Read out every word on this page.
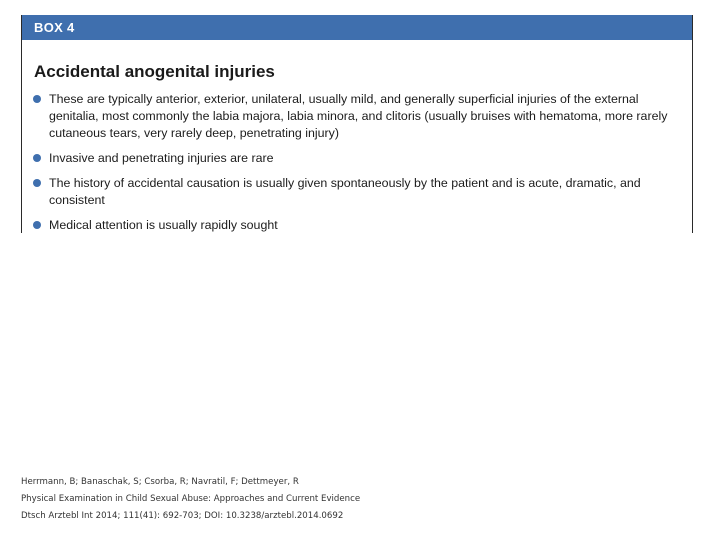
BOX 4
Accidental anogenital injuries
These are typically anterior, exterior, unilateral, usually mild, and generally superficial injuries of the external genitalia, most commonly the labia majora, labia minora, and clitoris (usually bruises with hematoma, more rarely cutaneous tears, very rarely deep, penetrating injury)
Invasive and penetrating injuries are rare
The history of accidental causation is usually given spontaneously by the patient and is acute, dramatic, and consistent
Medical attention is usually rapidly sought
Herrmann, B; Banaschak, S; Csorba, R; Navratil, F; Dettmeyer, R
Physical Examination in Child Sexual Abuse: Approaches and Current Evidence
Dtsch Arztebl Int 2014; 111(41): 692-703; DOI: 10.3238/arztebl.2014.0692
